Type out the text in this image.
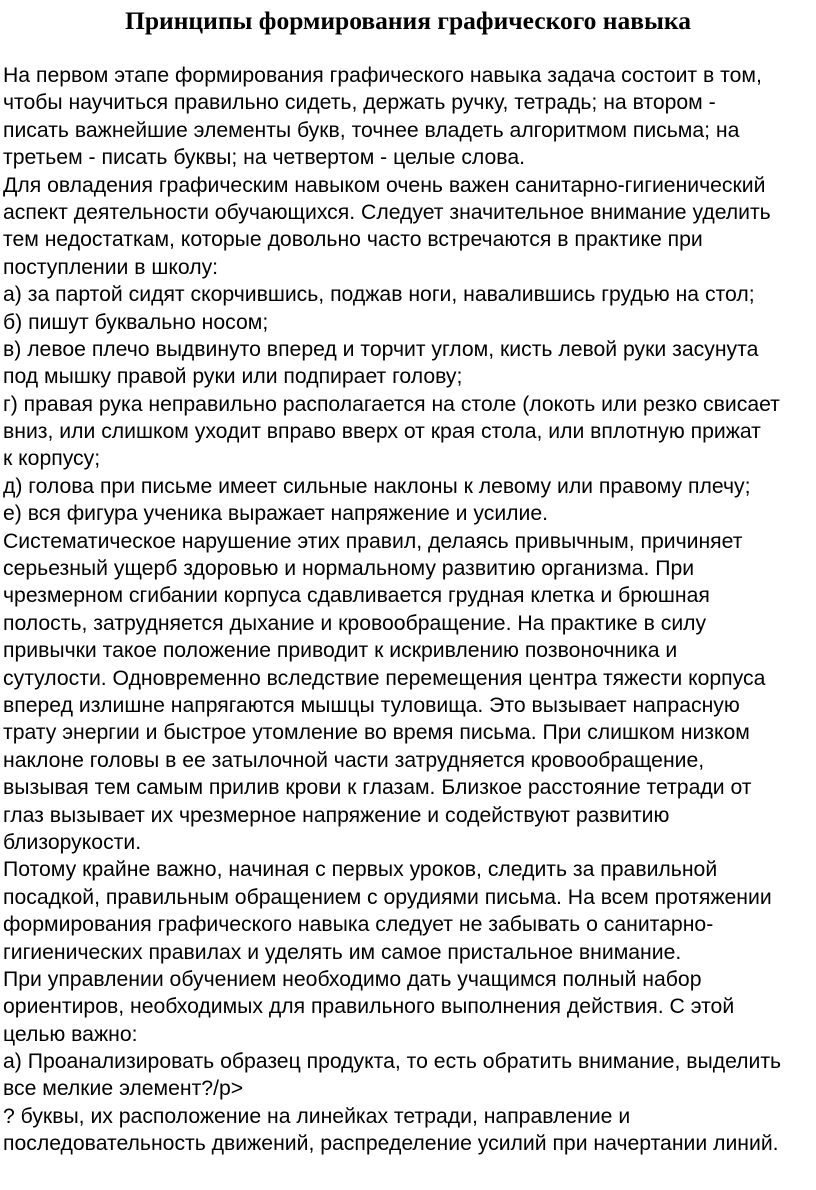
Принципы формирования графического навыка
На первом этапе формирования графического навыка задача состоит в том,
чтобы научиться правильно сидеть, держать ручку, тетрадь; на втором -
писать важнейшие элементы букв, точнее владеть алгоритмом письма; на
третьем - писать буквы; на четвертом - целые слова.
Для овладения графическим навыком очень важен санитарно-гигиенический
аспект деятельности обучающихся. Следует значительное внимание уделить
тем недостаткам, которые довольно часто встречаются в практике при
поступлении в школу:
а) за партой сидят скорчившись, поджав ноги, навалившись грудью на стол;
б) пишут буквально носом;
в) левое плечо выдвинуто вперед и торчит углом, кисть левой руки засунута
под мышку правой руки или подпирает голову;
г) правая рука неправильно располагается на столе (локоть или резко свисает
вниз, или слишком уходит вправо вверх от края стола, или вплотную прижат
к корпусу;
д) голова при письме имеет сильные наклоны к левому или правому плечу;
е) вся фигура ученика выражает напряжение и усилие.
Систематическое нарушение этих правил, делаясь привычным, причиняет
серьезный ущерб здоровью и нормальному развитию организма. При
чрезмерном сгибании корпуса сдавливается грудная клетка и брюшная
полость, затрудняется дыхание и кровообращение. На практике в силу
привычки такое положение приводит к искривлению позвоночника и
сутулости. Одновременно вследствие перемещения центра тяжести корпуса
вперед излишне напрягаются мышцы туловища. Это вызывает напрасную
трату энергии и быстрое утомление во время письма. При слишком низком
наклоне головы в ее затылочной части затрудняется кровообращение,
вызывая тем самым прилив крови к глазам. Близкое расстояние тетради от
глаз вызывает их чрезмерное напряжение и содействуют развитию
близорукости.
Потому крайне важно, начиная с первых уроков, следить за правильной
посадкой, правильным обращением с орудиями письма. На всем протяжении
формирования графического навыка следует не забывать о санитарно-
гигиенических правилах и уделять им самое пристальное внимание.
При управлении обучением необходимо дать учащимся полный набор
ориентиров, необходимых для правильного выполнения действия. С этой
целью важно:
а) Проанализировать образец продукта, то есть обратить внимание, выделить
все мелкие элемент?/p>
? буквы, их расположение на линейках тетради, направление и
последовательность движений, распределение усилий при начертании линий.
